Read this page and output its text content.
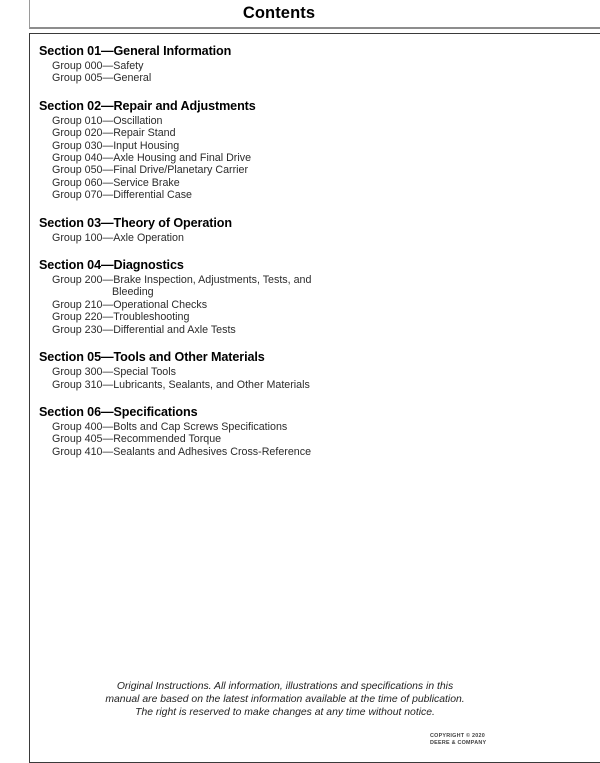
Contents
Section 01—General Information
Group 000—Safety
Group 005—General
Section 02—Repair and Adjustments
Group 010—Oscillation
Group 020—Repair Stand
Group 030—Input Housing
Group 040—Axle Housing and Final Drive
Group 050—Final Drive/Planetary Carrier
Group 060—Service Brake
Group 070—Differential Case
Section 03—Theory of Operation
Group 100—Axle Operation
Section 04—Diagnostics
Group 200—Brake Inspection, Adjustments, Tests, and
Bleeding
Group 210—Operational Checks
Group 220—Troubleshooting
Group 230—Differential and Axle Tests
Section 05—Tools and Other Materials
Group 300—Special Tools
Group 310—Lubricants, Sealants, and Other Materials
Section 06—Specifications
Group 400—Bolts and Cap Screws Specifications
Group 405—Recommended Torque
Group 410—Sealants and Adhesives Cross-Reference
Original Instructions. All information, illustrations and specifications in this
manual are based on the latest information available at the time of publication.
The right is reserved to make changes at any time without notice.
COPYRIGHT © 2020
DEERE & COMPANY
